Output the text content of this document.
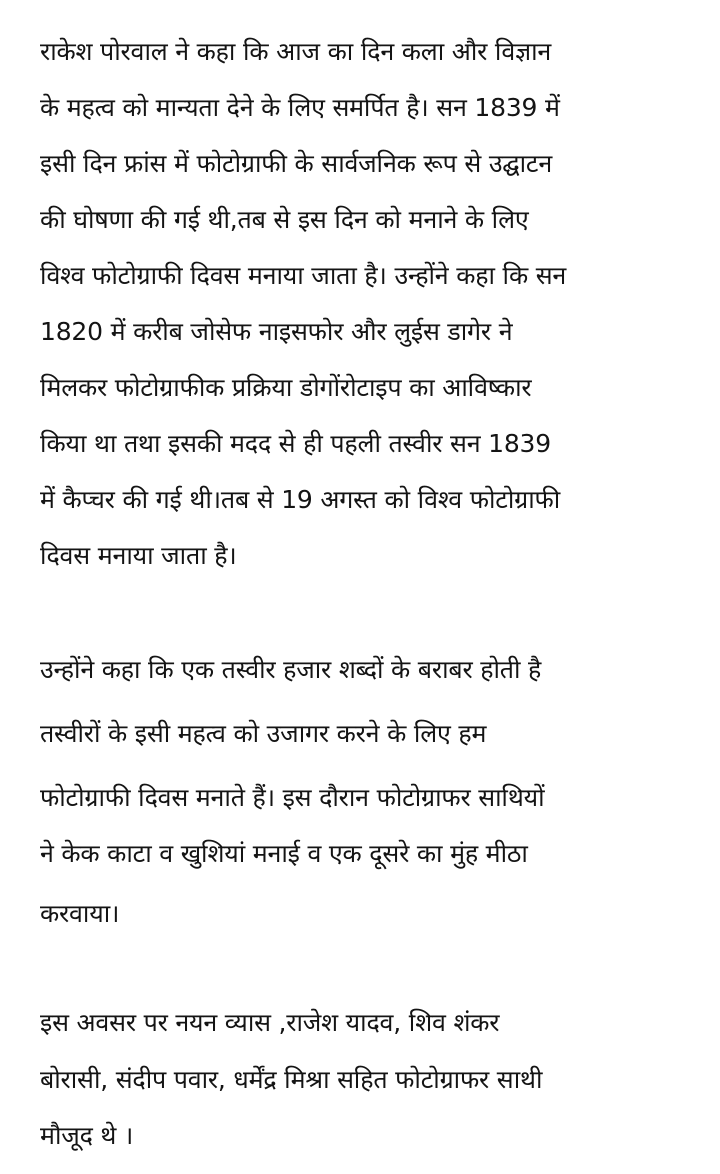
राकेश पोरवाल ने कहा कि आज का दिन कला और विज्ञान
के महत्व को मान्यता देने के लिए समर्पित है। सन 1839 में
इसी दिन फ्रांस में फोटोग्राफी के सार्वजनिक रूप से उद्घाटन
की घोषणा की गई थी,तब से इस दिन को मनाने के लिए
विश्व फोटोग्राफी दिवस मनाया जाता है। उन्होंने कहा कि सन
1820 में करीब जोसेफ नाइसफोर और लुईस डागेर ने
मिलकर फोटोग्राफीक प्रक्रिया डोगोंरोटाइप का आविष्कार
किया था तथा इसकी मदद से ही पहली तस्वीर सन 1839
में कैप्चर की गई थी।तब से 19 अगस्त को विश्व फोटोग्राफी
दिवस मनाया जाता है।
उन्होंने कहा कि एक तस्वीर हजार शब्दों के बराबर होती है
तस्वीरों के इसी महत्व को उजागर करने के लिए हम
फोटोग्राफी दिवस मनाते हैं। इस दौरान फोटोग्राफर साथियों
ने केक काटा व खुशियां मनाई व एक दूसरे का मुंह मीठा
करवाया।
इस अवसर पर नयन व्यास ,राजेश यादव, शिव शंकर
बोरासी, संदीप पवार, धर्मेंद्र मिश्रा सहित फोटोग्राफर साथी
मौजूद थे ।
